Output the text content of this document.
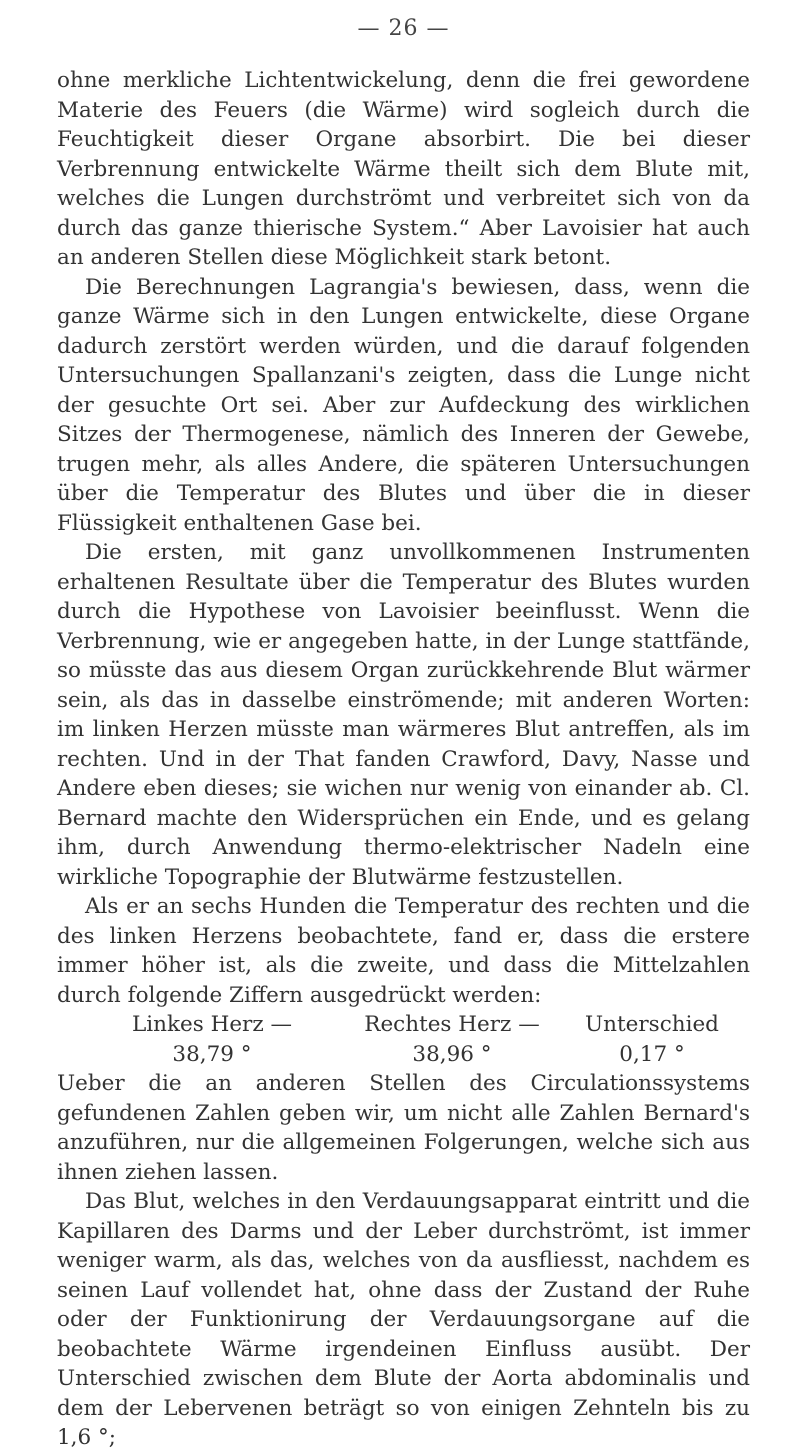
— 26 —

ohne merkliche Lichtentwickelung, denn die frei gewordene Materie des Feuers (die Wärme) wird sogleich durch die Feuchtigkeit dieser Organe absorbirt. Die bei dieser Verbrennung entwickelte Wärme theilt sich dem Blute mit, welches die Lungen durchströmt und verbreitet sich von da durch das ganze thierische System.“ Aber Lavoisier hat auch an anderen Stellen diese Möglichkeit stark betont.

Die Berechnungen Lagrangia's bewiesen, dass, wenn die ganze Wärme sich in den Lungen entwickelte, diese Organe dadurch zerstört werden würden, und die darauf folgenden Untersuchungen Spallanzani's zeigten, dass die Lunge nicht der gesuchte Ort sei. Aber zur Aufdeckung des wirklichen Sitzes der Thermogenese, nämlich des Inneren der Gewebe, trugen mehr, als alles Andere, die späteren Untersuchungen über die Temperatur des Blutes und über die in dieser Flüssigkeit enthaltenen Gase bei.

Die ersten, mit ganz unvollkommenen Instrumenten erhaltenen Resultate über die Temperatur des Blutes wurden durch die Hypothese von Lavoisier beeinflusst. Wenn die Verbrennung, wie er angegeben hatte, in der Lunge stattfände, so müsste das aus diesem Organ zurückkehrende Blut wärmer sein, als das in dasselbe einströmende; mit anderen Worten: im linken Herzen müsste man wärmeres Blut antreffen, als im rechten. Und in der That fanden Crawford, Davy, Nasse und Andere eben dieses; sie wichen nur wenig von einander ab. Cl. Bernard machte den Widersprüchen ein Ende, und es gelang ihm, durch Anwendung thermo-elektrischer Nadeln eine wirkliche Topographie der Blutwärme festzustellen.

Als er an sechs Hunden die Temperatur des rechten und die des linken Herzens beobachtete, fand er, dass die erstere immer höher ist, als die zweite, und dass die Mittelzahlen durch folgende Ziffern ausgedrückt werden:

Linkes Herz —	Rechtes Herz —	Unterschied
38,79 °	38,96 °	0,17 °

Ueber die an anderen Stellen des Circulationssystems gefundenen Zahlen geben wir, um nicht alle Zahlen Bernard's anzuführen, nur die allgemeinen Folgerungen, welche sich aus ihnen ziehen lassen.

Das Blut, welches in den Verdauungsapparat eintritt und die Kapillaren des Darms und der Leber durchströmt, ist immer weniger warm, als das, welches von da ausfliesst, nachdem es seinen Lauf vollendet hat, ohne dass der Zustand der Ruhe oder der Funktionirung der Verdauungsorgane auf die beobachtete Wärme irgendeinen Einfluss ausübt. Der Unterschied zwischen dem Blute der Aorta abdominalis und dem der Lebervenen beträgt so von einigen Zehnteln bis zu 1,6 °;
